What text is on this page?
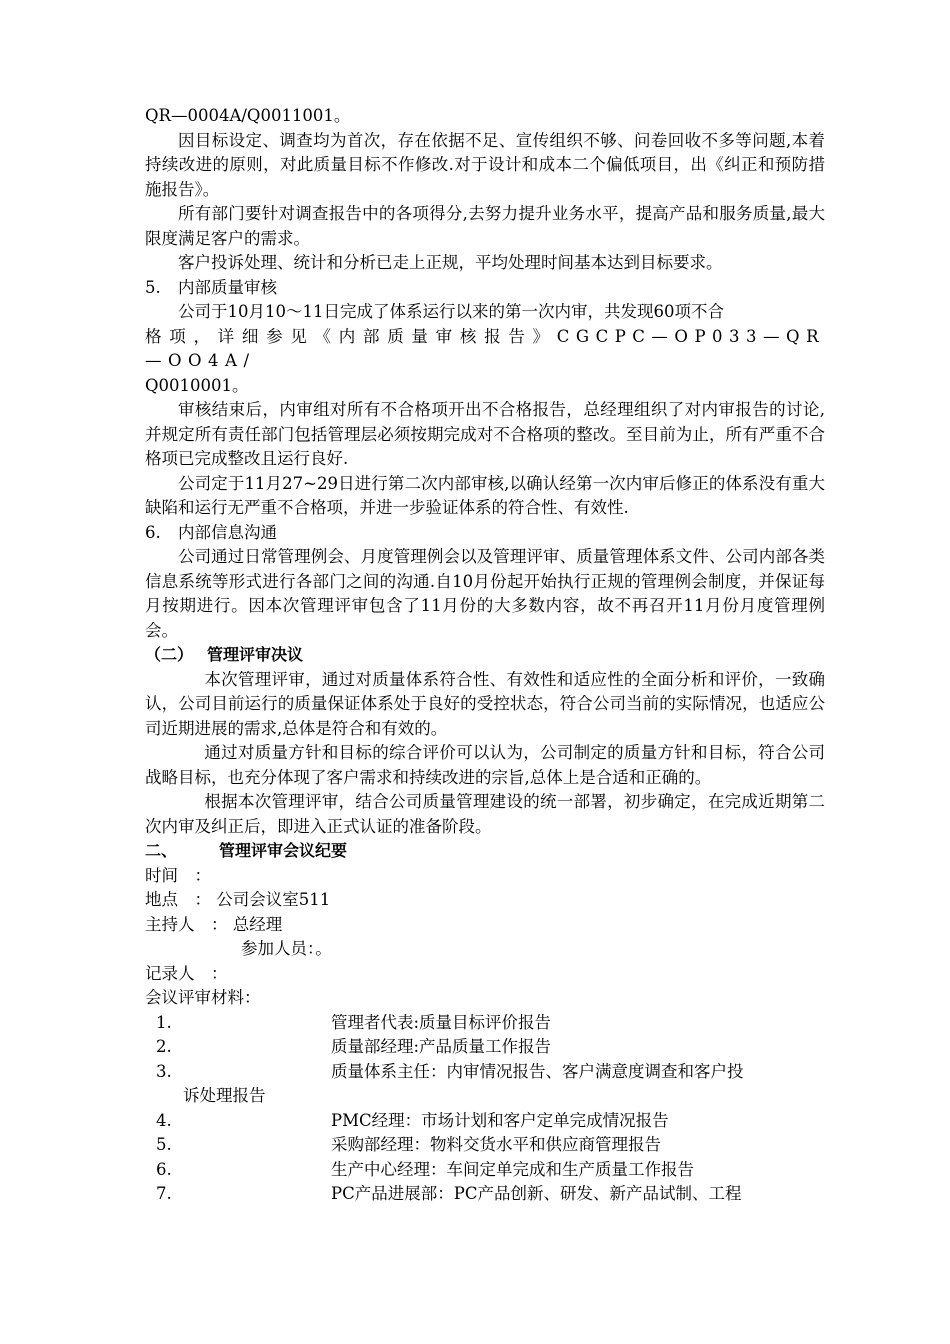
QR—0004A/Q0011001。

因目标设定、调查均为首次，存在依据不足、宣传组织不够、问卷回收不多等问题,本着持续改进的原则，对此质量目标不作修改.对于设计和成本二个偏低项目，出《纠正和预防措施报告》。

所有部门要针对调查报告中的各项得分,去努力提升业务水平，提高产品和服务质量,最大限度满足客户的需求。

客户投诉处理、统计和分析已走上正规，平均处理时间基本达到目标要求。

5. 内部质量审核

公司于10月10～11日完成了体系运行以来的第一次内审，共发现60项不合

格项，详细参见《内部质量审核报告》CGCPC—OP033—QR—OO4A/

Q0010001。

审核结束后，内审组对所有不合格项开出不合格报告，总经理组织了对内审报告的讨论,并规定所有责任部门包括管理层必须按期完成对不合格项的整改。至目前为止，所有严重不合格项已完成整改且运行良好.

公司定于11月27~29日进行第二次内部审核,以确认经第一次内审后修正的体系没有重大缺陷和运行无严重不合格项，并进一步验证体系的符合性、有效性.

6. 内部信息沟通

公司通过日常管理例会、月度管理例会以及管理评审、质量管理体系文件、公司内部各类信息系统等形式进行各部门之间的沟通.自10月份起开始执行正规的管理例会制度，并保证每月按期进行。因本次管理评审包含了11月份的大多数内容，故不再召开11月份月度管理例会。

（二） 管理评审决议

本次管理评审，通过对质量体系符合性、有效性和适应性的全面分析和评价，一致确认，公司目前运行的质量保证体系处于良好的受控状态，符合公司当前的实际情况，也适应公司近期进展的需求,总体是符合和有效的。

通过对质量方针和目标的综合评价可以认为，公司制定的质量方针和目标，符合公司战略目标，也充分体现了客户需求和持续改进的宗旨,总体上是合适和正确的。

根据本次管理评审，结合公司质量管理建设的统一部署，初步确定，在完成近期第二次内审及纠正后，即进入正式认证的准备阶段。

二、	管理评审会议纪要

时间　：

地点　： 公司会议室511

主持人　： 总经理

参加人员：。

记录人　：

会议评审材料：

1.	管理者代表:质量目标评价报告

2.	质量部经理:产品质量工作报告

3.	质量体系主任：内审情况报告、客户满意度调查和客户投

诉处理报告

4.	PMC经理：市场计划和客户定单完成情况报告

5.	采购部经理：物料交货水平和供应商管理报告

6.	生产中心经理：车间定单完成和生产质量工作报告

7.	PC产品进展部：PC产品创新、研发、新产品试制、工程
